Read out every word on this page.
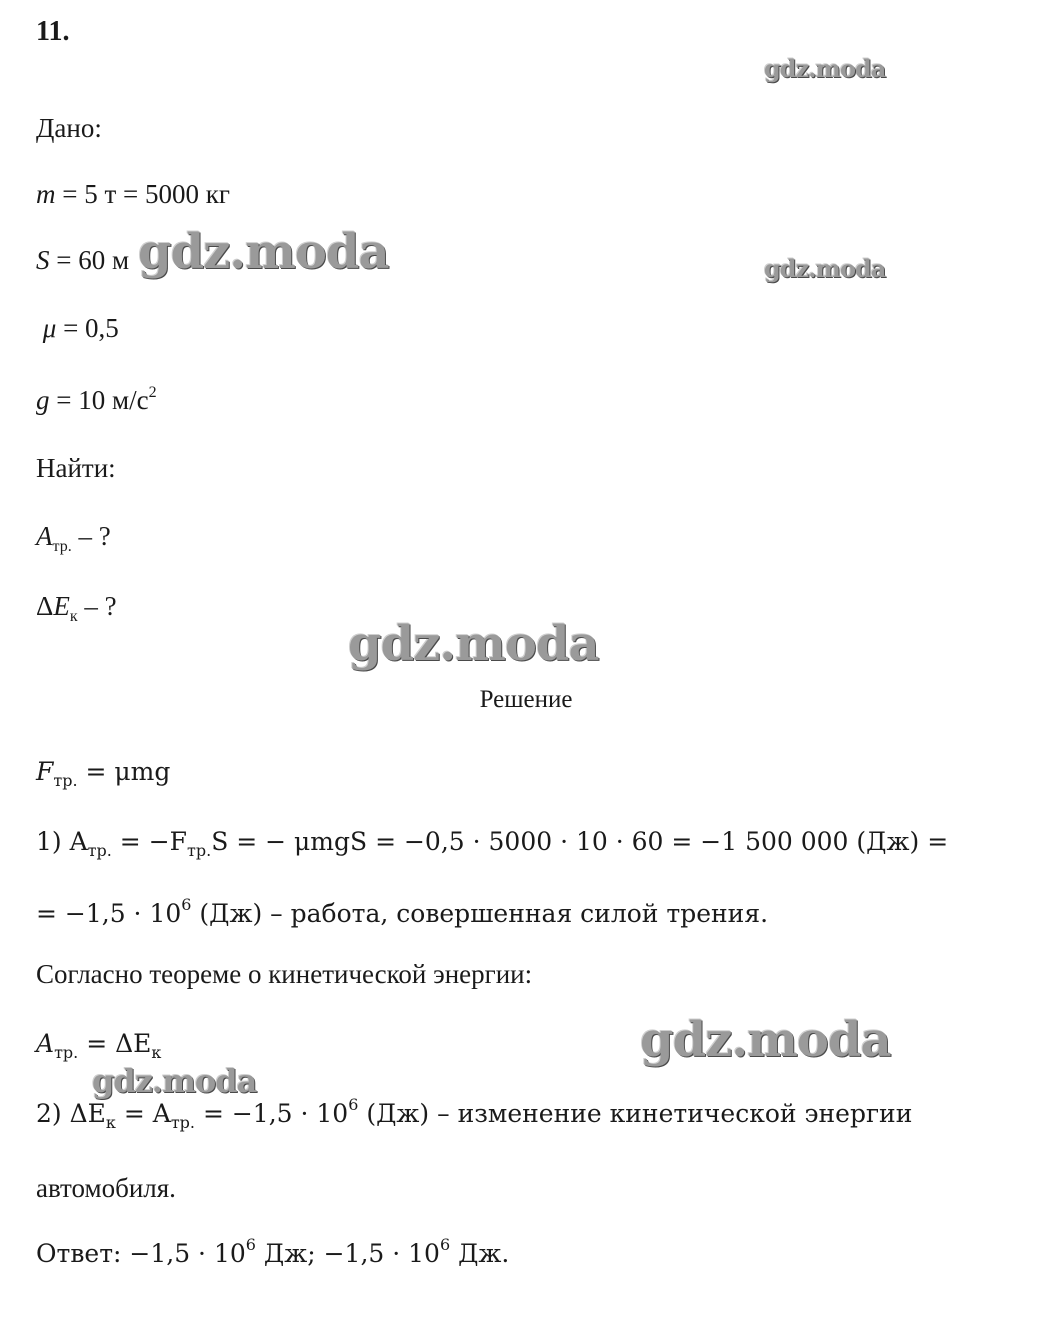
11.
Дано:
m = 5 т = 5000 кг
S = 60 м
μ = 0,5
g = 10 $м/с^2$
Найти:
$A_{тр.}$ – ?
$\Delta E_к$ – ?
Решение
$F_{тр.} = \mu mg$
1) $A_{тр.} = -F_{тр.}S$ = − μmgS = −0,5 · 5000 · 10 · 60 = −1 500 000 (Дж) =
= $-1,5 \cdot 10^6$ (Дж) – работа, совершенная силой трения.
Согласно теореме о кинетической энергии:
$A_{тр.} = \Delta E_к$
2) $\Delta E_к = A_{тр.} = -1,5 \cdot 10^6$ (Дж) – изменение кинетической энергии
автомобиля.
Ответ: $-1,5 \cdot 10^6$ Дж; $-1,5 \cdot 10^6$ Дж.
gdz.moda
gdz.moda	gdz.moda
gdz.moda
gdz.moda
gdz.moda
